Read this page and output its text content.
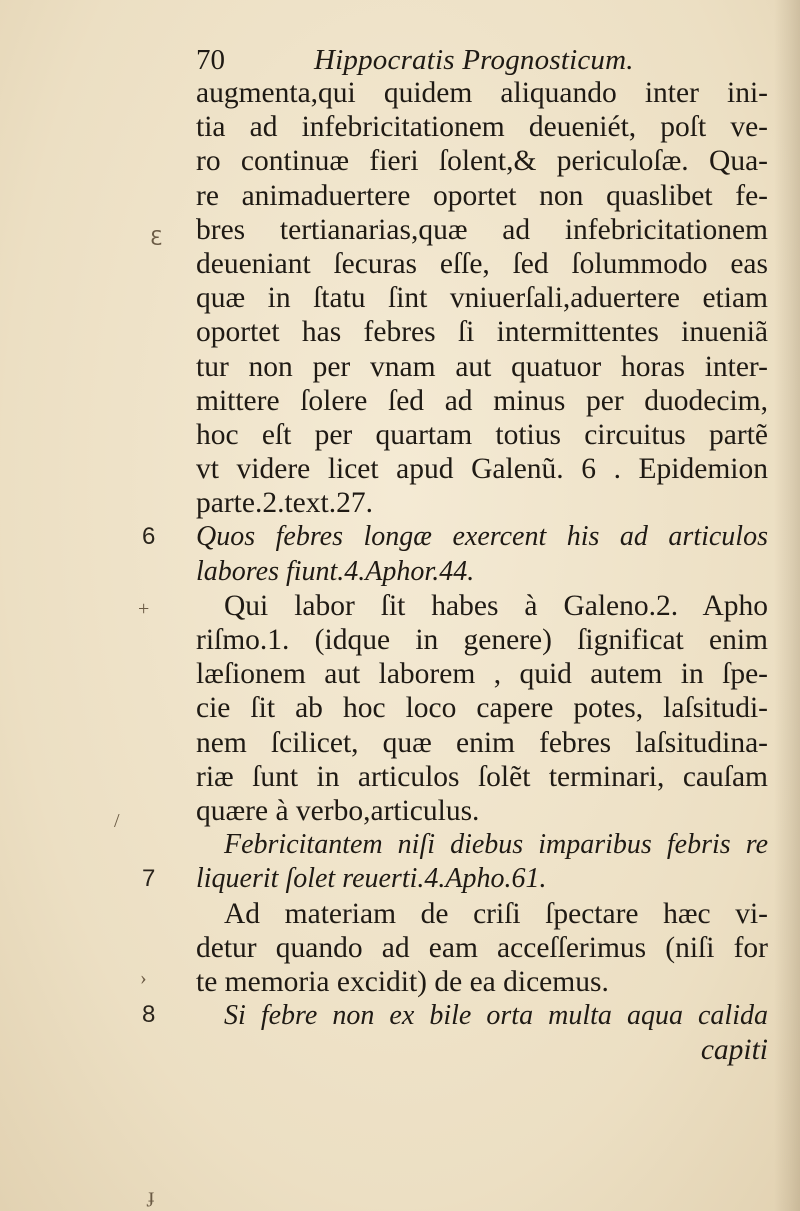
70	Hippocratis Prognosticum.
augmenta,qui quidem aliquando inter ini-
tia ad infebricitationem deueniét, poſt ve-
ro continuæ fieri ſolent,& periculoſæ. Qua-
re animaduertere oportet non quaslibet fe-
bres tertianarias,quæ ad infebricitationem
deueniant ſecuras eſſe, ſed ſolummodo eas
quæ in ſtatu ſint vniuerſali,aduertere etiam
oportet has febres ſi intermittentes inueniã
tur non per vnam aut quatuor horas inter-
mittere ſolere ſed ad minus per duodecim,
hoc eſt per quartam totius circuitus partẽ
vt videre licet apud Galenũ. 6 . Epidemion
parte.2.text.27.
Quos febres longæ exercent his ad articulos
labores fiunt.4.Aphor.44.
Qui labor ſit habes à Galeno.2. Apho
riſmo.1. (idque in genere) ſignificat enim
læſionem aut laborem , quid autem in ſpe-
cie ſit ab hoc loco capere potes, laſsitudi-
nem ſcilicet, quæ enim febres laſsitudina-
riæ ſunt in articulos ſolẽt terminari, cauſam
quære à verbo,articulus.
Febricitantem niſi diebus imparibus febris re
liquerit ſolet reuerti.4.Apho.61.
Ad materiam de criſi ſpectare hæc vi-
detur quando ad eam acceſſerimus (niſi for
te memoria excidit) de ea dicemus.
Si febre non ex bile orta multa aqua calida
capiti
ℇ
+
/
›
ɟ
6
7
8
